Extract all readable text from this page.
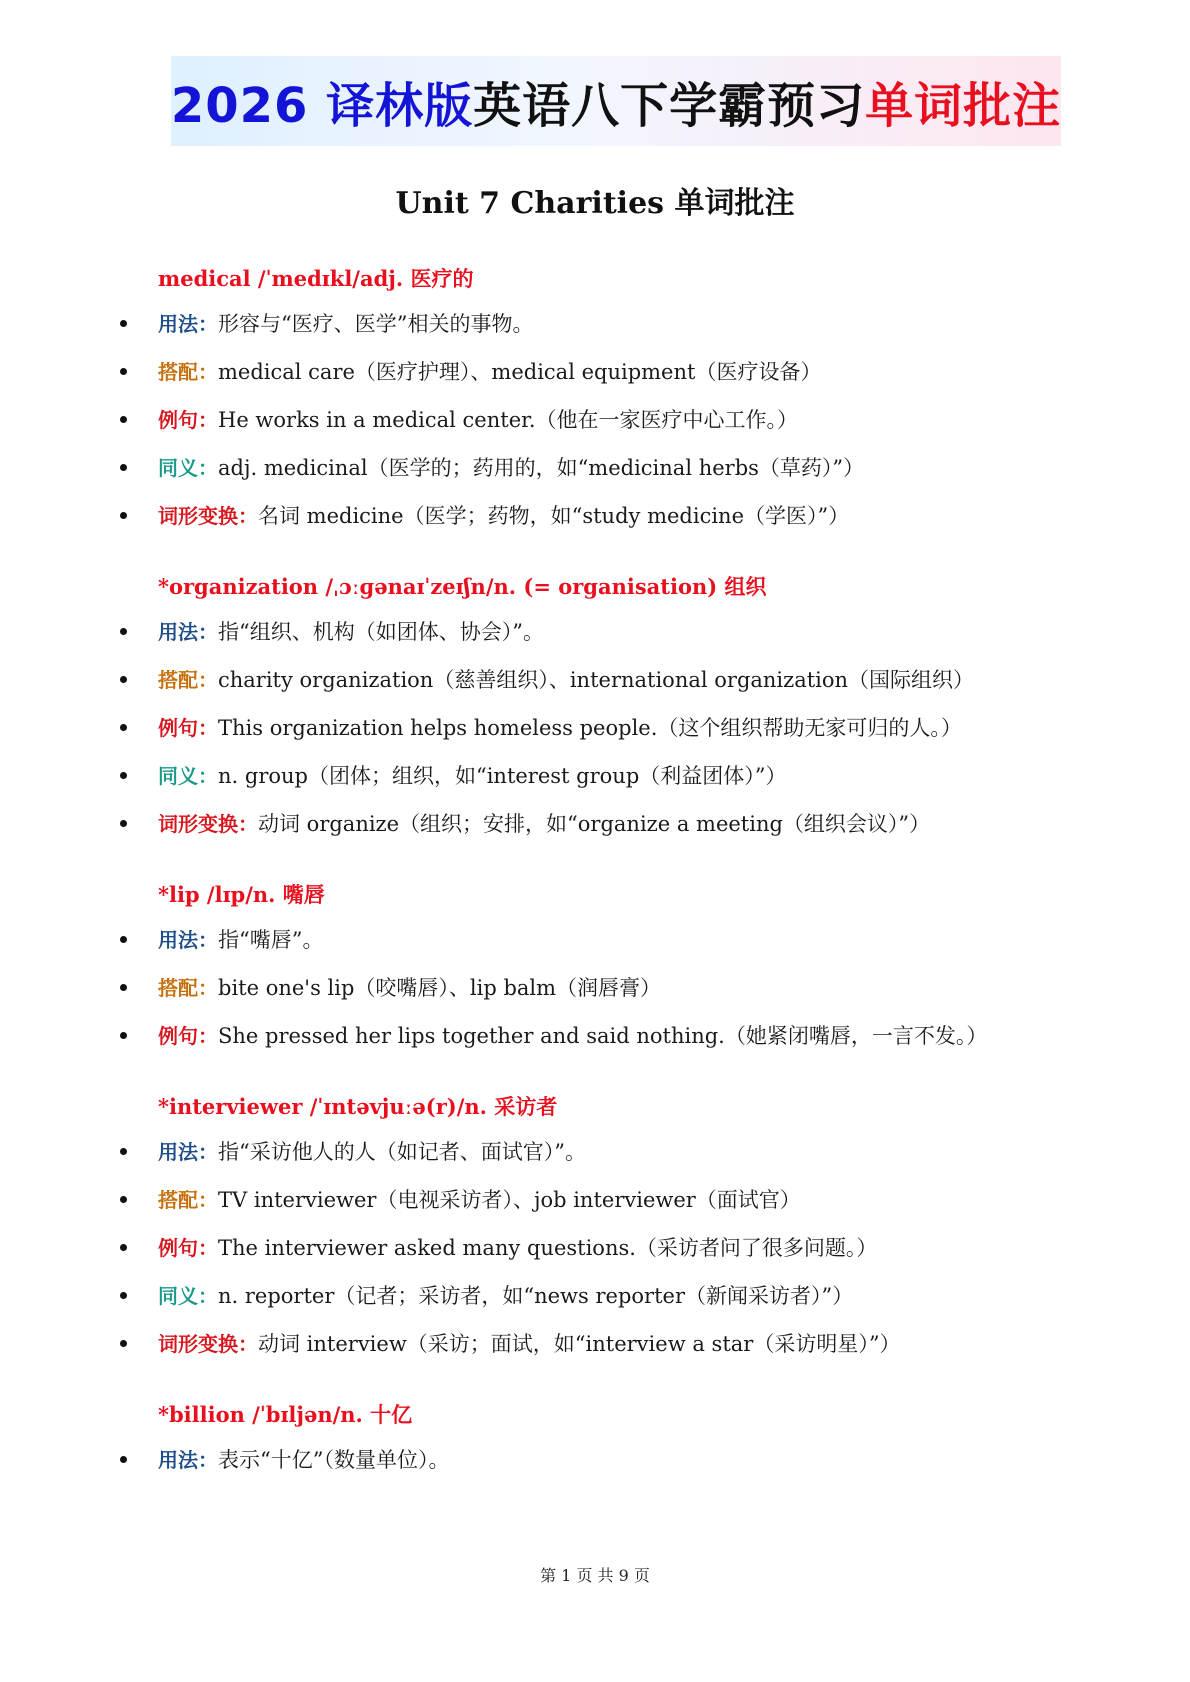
2026 译林版 英语八下学霸预习 单词批注
Unit 7 Charities 单词批注
medical /ˈmedɪkl/adj. 医疗的
用法：形容与“医疗、医学”相关的事物。
搭配：medical care（医疗护理）、medical equipment（医疗设备）
例句：He works in a medical center.（他在一家医疗中心工作。）
同义：adj. medicinal（医学的；药用的，如“medicinal herbs（草药）”）
词形变换：名词 medicine（医学；药物，如“study medicine（学医）”）
*organization /ˌɔːɡənaɪˈzeɪʃn/n. (= organisation) 组织
用法：指“组织、机构（如团体、协会）”。
搭配：charity organization（慈善组织）、international organization（国际组织）
例句：This organization helps homeless people.（这个组织帮助无家可归的人。）
同义：n. group（团体；组织，如“interest group（利益团体）”）
词形变换：动词 organize（组织；安排，如“organize a meeting（组织会议）”）
*lip /lɪp/n. 嘴唇
用法：指“嘴唇”。
搭配：bite one's lip（咬嘴唇）、lip balm（润唇膏）
例句：She pressed her lips together and said nothing.（她紧闭嘴唇，一言不发。）
*interviewer /ˈɪntəvjuːə(r)/n. 采访者
用法：指“采访他人的人（如记者、面试官）”。
搭配：TV interviewer（电视采访者）、job interviewer（面试官）
例句：The interviewer asked many questions.（采访者问了很多问题。）
同义：n. reporter（记者；采访者，如“news reporter（新闻采访者）”）
词形变换：动词 interview（采访；面试，如“interview a star（采访明星）”）
*billion /ˈbɪljən/n. 十亿
用法：表示“十亿”（数量单位）。
第 1 页 共 9 页
